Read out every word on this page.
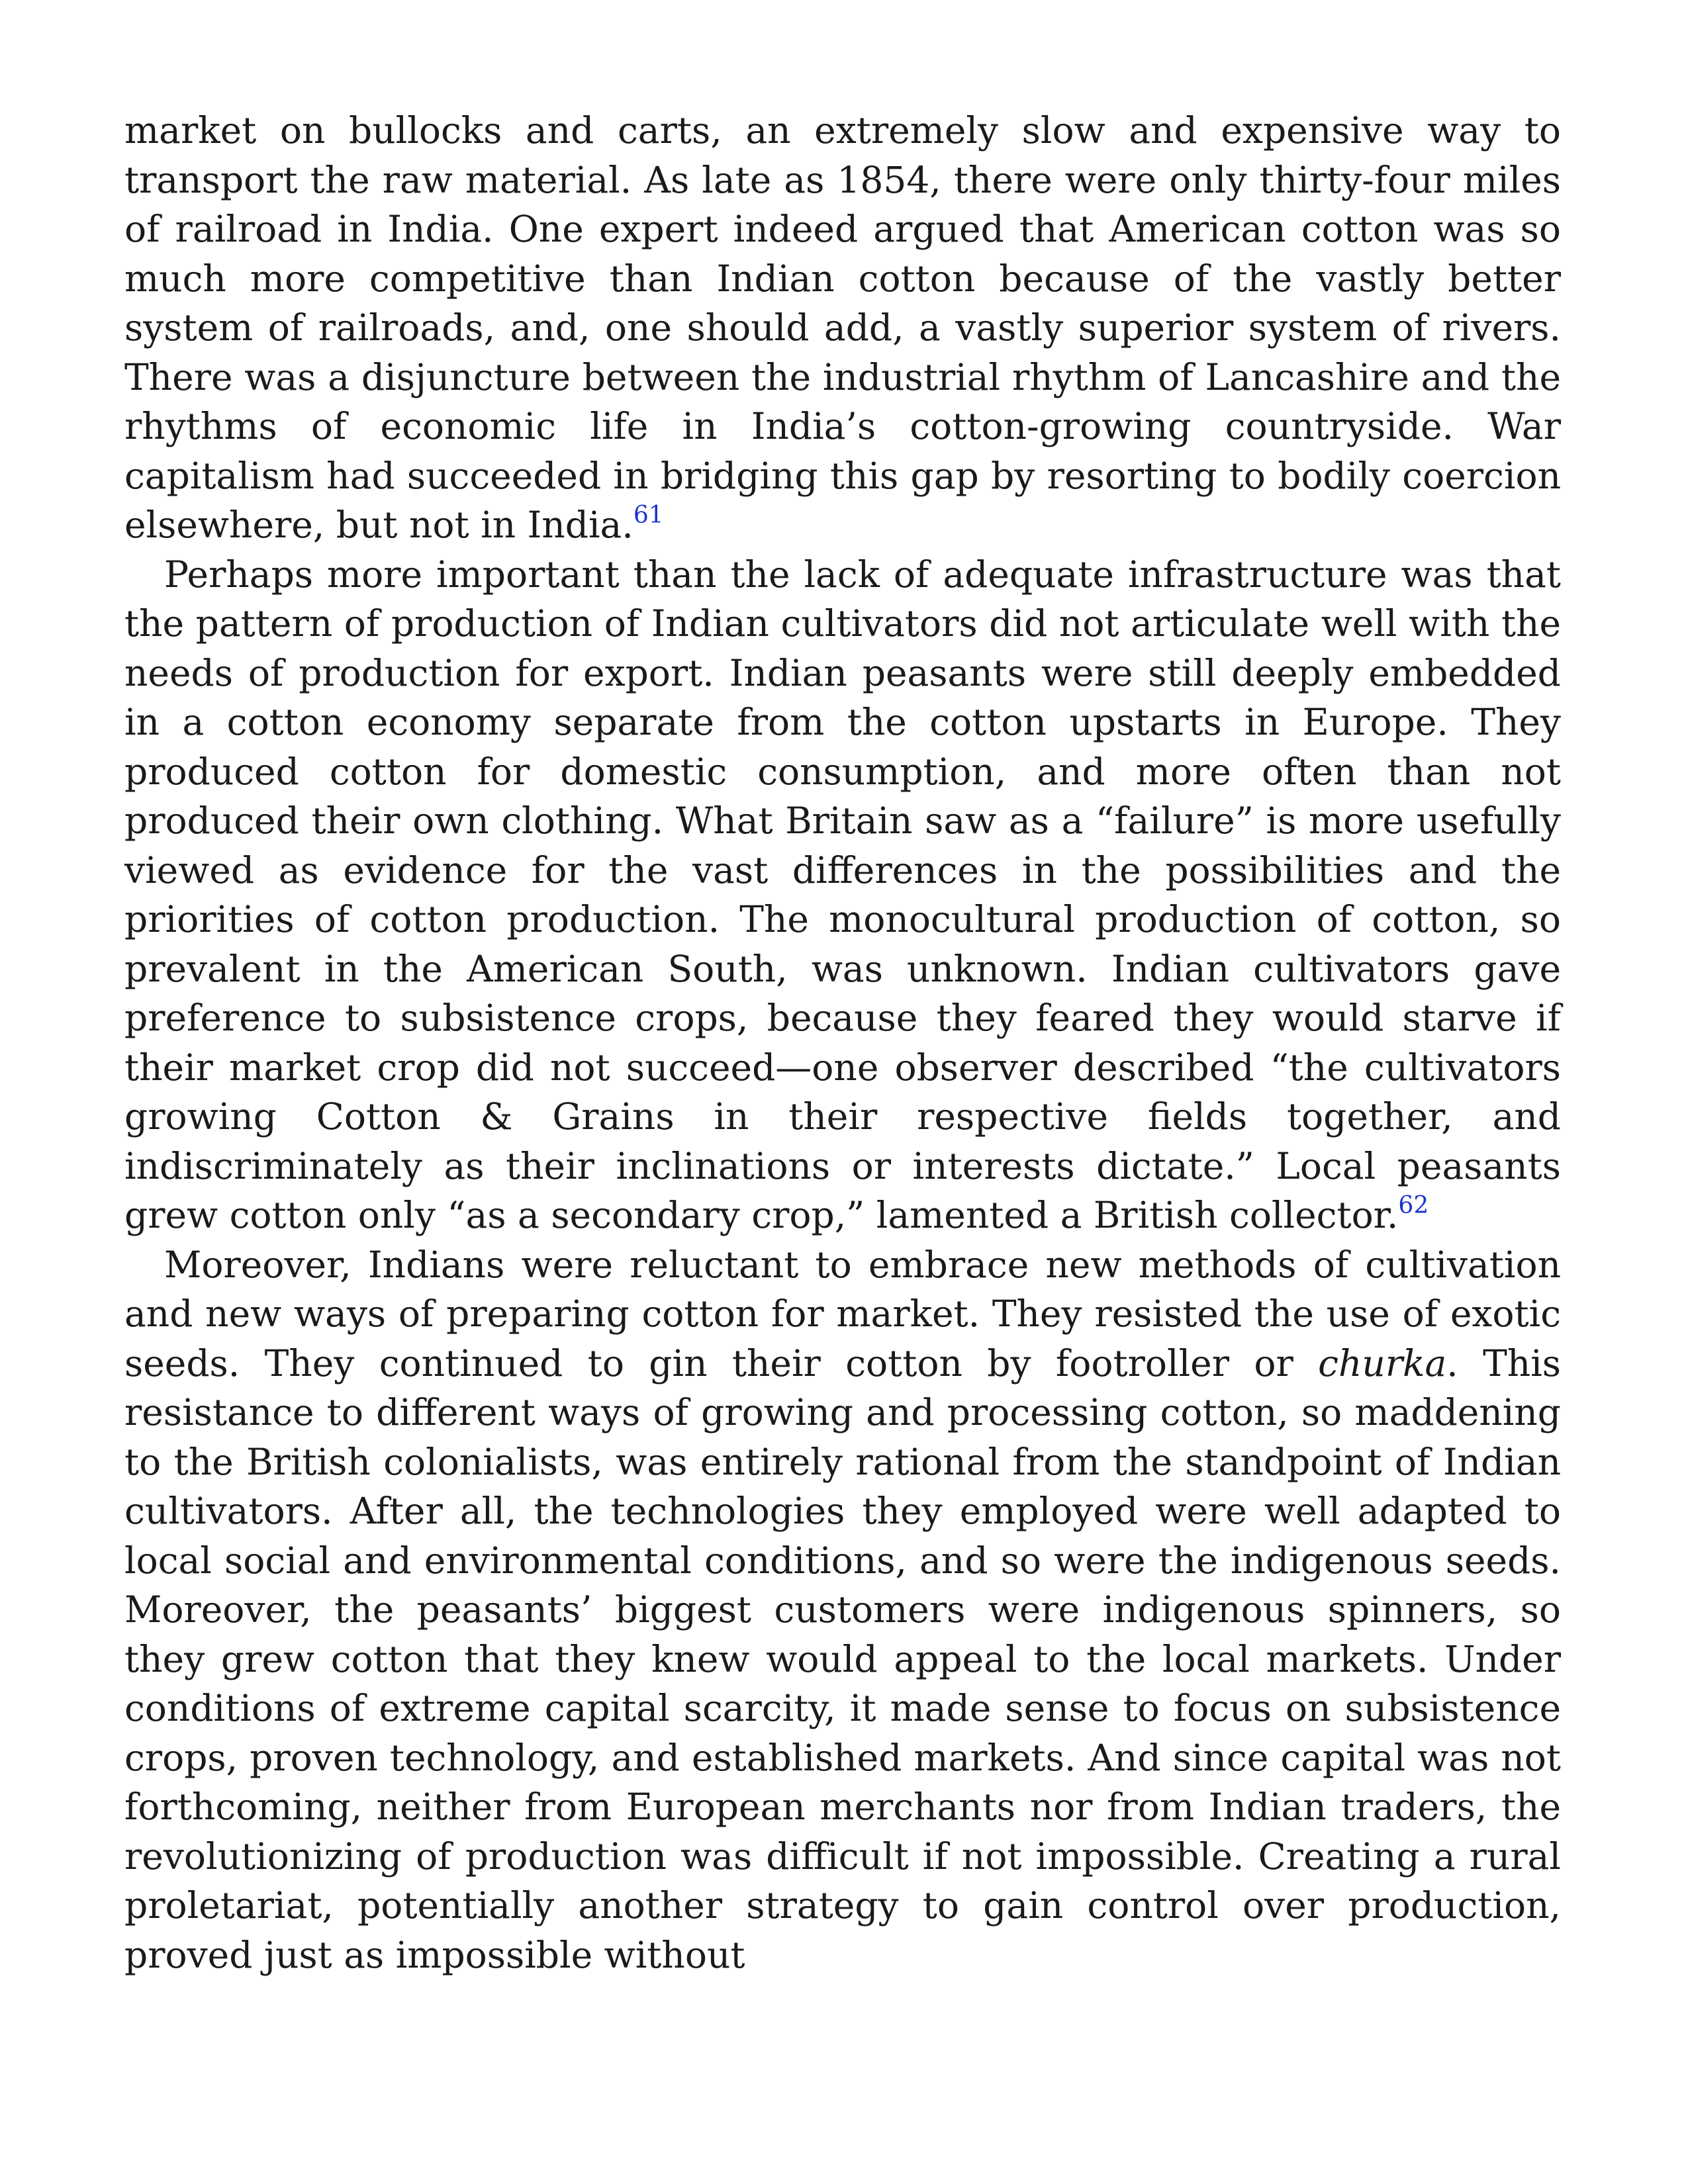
market on bullocks and carts, an extremely slow and expensive way to transport the raw material. As late as 1854, there were only thirty-four miles of railroad in India. One expert indeed argued that American cotton was so much more competitive than Indian cotton because of the vastly better system of railroads, and, one should add, a vastly superior system of rivers. There was a disjuncture between the industrial rhythm of Lancashire and the rhythms of economic life in India’s cotton-growing countryside. War capitalism had succeeded in bridging this gap by resorting to bodily coercion elsewhere, but not in India.$^{61}$

Perhaps more important than the lack of adequate infrastructure was that the pattern of production of Indian cultivators did not articulate well with the needs of production for export. Indian peasants were still deeply embedded in a cotton economy separate from the cotton upstarts in Europe. They produced cotton for domestic consumption, and more often than not produced their own clothing. What Britain saw as a “failure” is more usefully viewed as evidence for the vast differences in the possibilities and the priorities of cotton production. The monocultural production of cotton, so prevalent in the American South, was unknown. Indian cultivators gave preference to subsistence crops, because they feared they would starve if their market crop did not succeed—one observer described “the cultivators growing Cotton & Grains in their respective fields together, and indiscriminately as their inclinations or interests dictate.” Local peasants grew cotton only “as a secondary crop,” lamented a British collector.$^{62}$

Moreover, Indians were reluctant to embrace new methods of cultivation and new ways of preparing cotton for market. They resisted the use of exotic seeds. They continued to gin their cotton by footroller or churka. This resistance to different ways of growing and processing cotton, so maddening to the British colonialists, was entirely rational from the standpoint of Indian cultivators. After all, the technologies they employed were well adapted to local social and environmental conditions, and so were the indigenous seeds. Moreover, the peasants’ biggest customers were indigenous spinners, so they grew cotton that they knew would appeal to the local markets. Under conditions of extreme capital scarcity, it made sense to focus on subsistence crops, proven technology, and established markets. And since capital was not forthcoming, neither from European merchants nor from Indian traders, the revolutionizing of production was difficult if not impossible. Creating a rural proletariat, potentially another strategy to gain control over production, proved just as impossible without
